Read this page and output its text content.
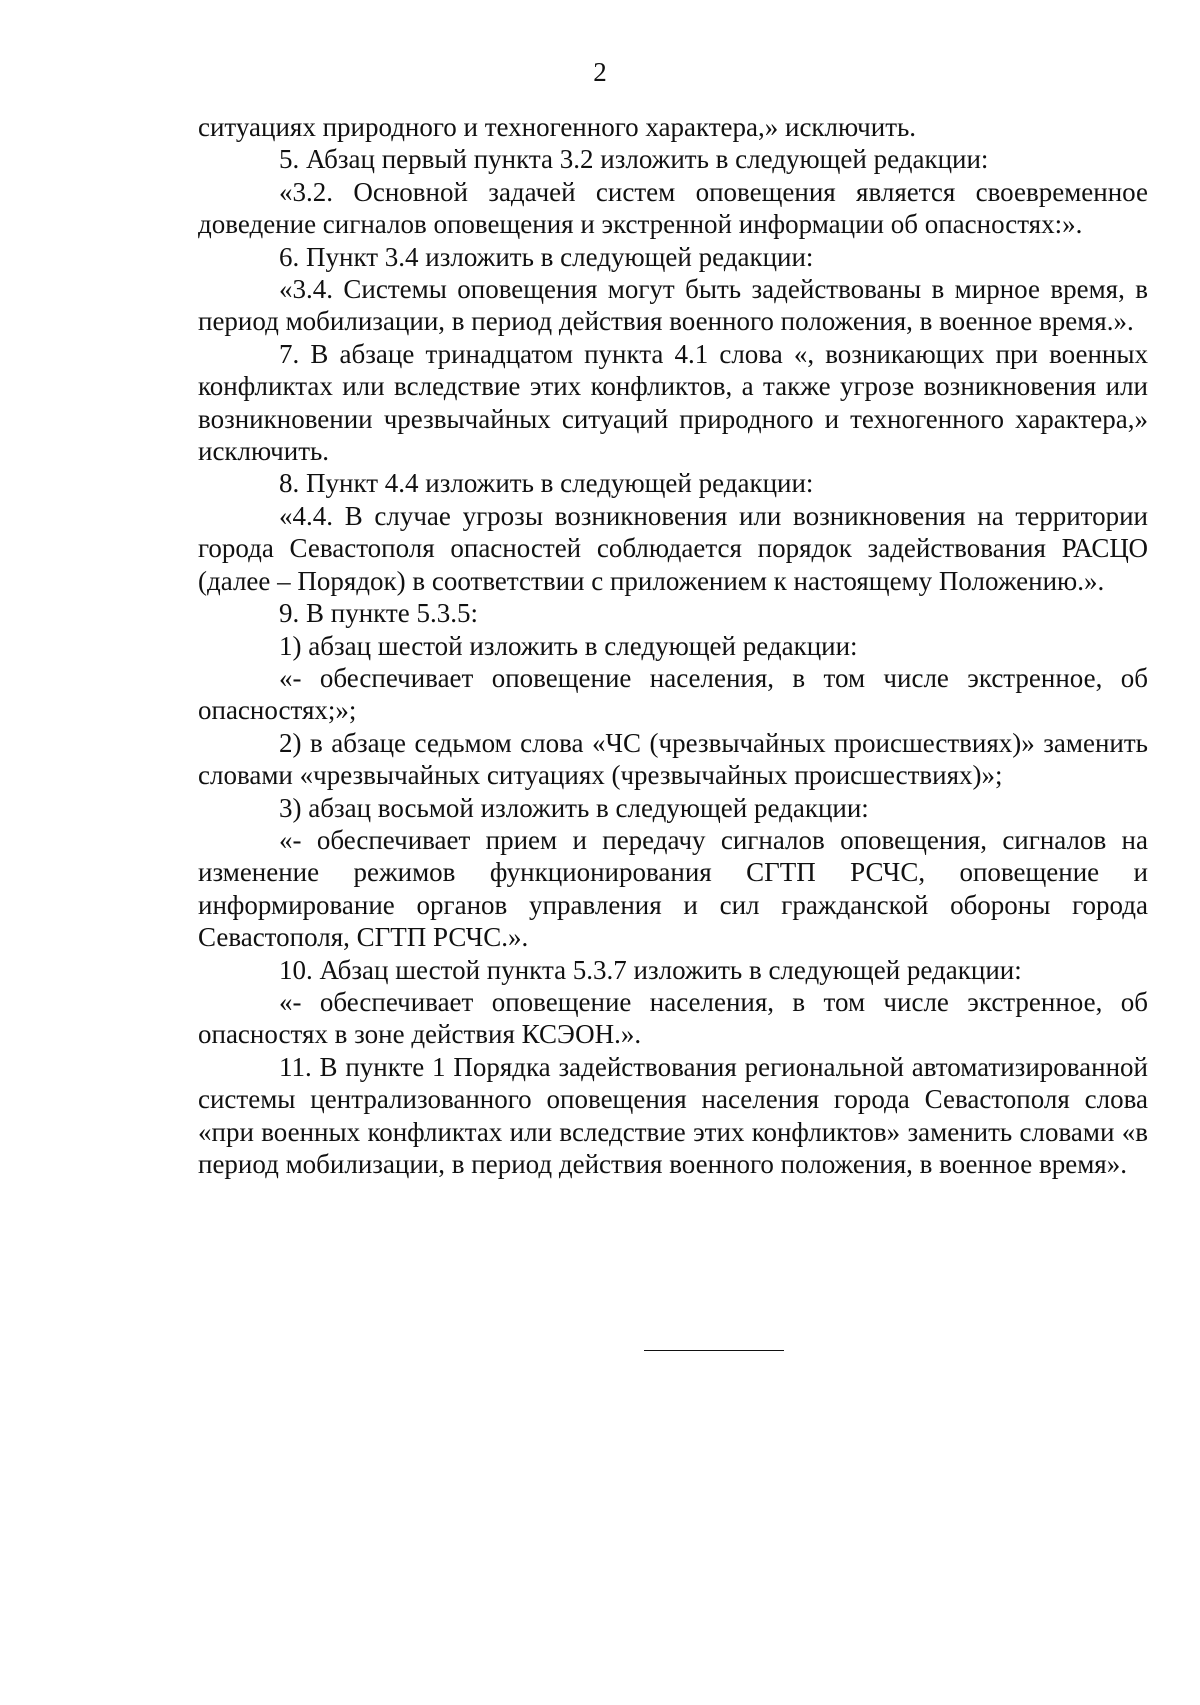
2

ситуациях природного и техногенного характера,» исключить.

5. Абзац первый пункта 3.2 изложить в следующей редакции:

«3.2. Основной задачей систем оповещения является своевременное доведение сигналов оповещения и экстренной информации об опасностях:».

6. Пункт 3.4 изложить в следующей редакции:

«3.4. Системы оповещения могут быть задействованы в мирное время, в период мобилизации, в период действия военного положения, в военное время.».

7. В абзаце тринадцатом пункта 4.1 слова «, возникающих при военных конфликтах или вследствие этих конфликтов, а также угрозе возникновения или возникновении чрезвычайных ситуаций природного и техногенного характера,» исключить.

8. Пункт 4.4 изложить в следующей редакции:

«4.4. В случае угрозы возникновения или возникновения на территории города Севастополя опасностей соблюдается порядок задействования РАСЦО (далее – Порядок) в соответствии с приложением к настоящему Положению.».

9. В пункте 5.3.5:

1) абзац шестой изложить в следующей редакции:

«- обеспечивает оповещение населения, в том числе экстренное, об опасностях;»;

2) в абзаце седьмом слова «ЧС (чрезвычайных происшествиях)» заменить словами «чрезвычайных ситуациях (чрезвычайных происшествиях)»;

3) абзац восьмой изложить в следующей редакции:

«- обеспечивает прием и передачу сигналов оповещения, сигналов на изменение режимов функционирования СГТП РСЧС, оповещение и информирование органов управления и сил гражданской обороны города Севастополя, СГТП РСЧС.».

10. Абзац шестой пункта 5.3.7 изложить в следующей редакции:

«- обеспечивает оповещение населения, в том числе экстренное, об опасностях в зоне действия КСЭОН.».

11. В пункте 1 Порядка задействования региональной автоматизированной системы централизованного оповещения населения города Севастополя слова «при военных конфликтах или вследствие этих конфликтов» заменить словами «в период мобилизации, в период действия военного положения, в военное время».
